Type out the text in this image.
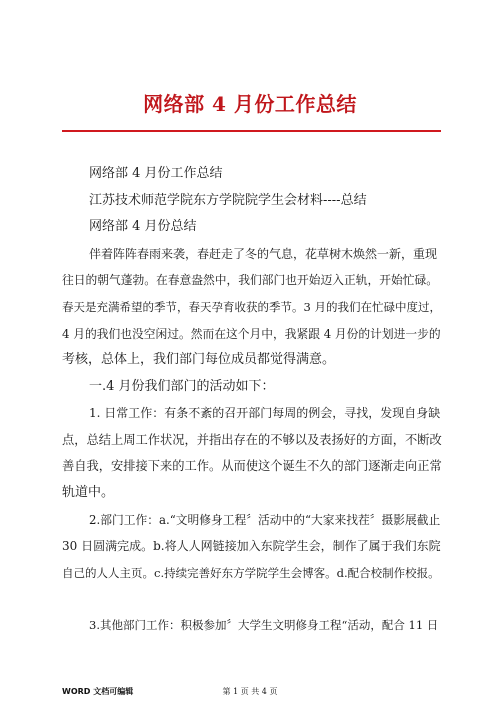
网络部 4 月份工作总结
网络部 4 月份工作总结
江苏技术师范学院东方学院院学生会材料----总结
网络部 4 月份总结
伴着阵阵春雨来袭，春赶走了冬的气息，花草树木焕然一新，重现
往日的朝气蓬勃。在春意盎然中，我们部门也开始迈入正轨，开始忙碌。
春天是充满希望的季节，春天孕育收获的季节。3 月的我们在忙碌中度过，
4 月的我们也没空闲过。然而在这个月中，我紧跟 4 月份的计划进一步的
考核，总体上，我们部门每位成员都觉得满意。
一.4 月份我们部门的活动如下：
1. 日常工作：有条不紊的召开部门每周的例会，寻找，发现自身缺
点，总结上周工作状况，并指出存在的不够以及表扬好的方面，不断改
善自我，安排接下来的工作。从而使这个诞生不久的部门逐渐走向正常
轨道中。
2.部门工作：a.“文明修身工程〞活动中的“大家来找茬〞摄影展截止
30 日圆满完成。b.将人人网链接加入东院学生会，制作了属于我们东院
自己的人人主页。c.持续完善好东方学院学生会博客。d.配合校制作校报。
3.其他部门工作：积极参加〞大学生文明修身工程“活动，配合 11 日
WORD 文档可编辑	第 1 页 共 4 页
